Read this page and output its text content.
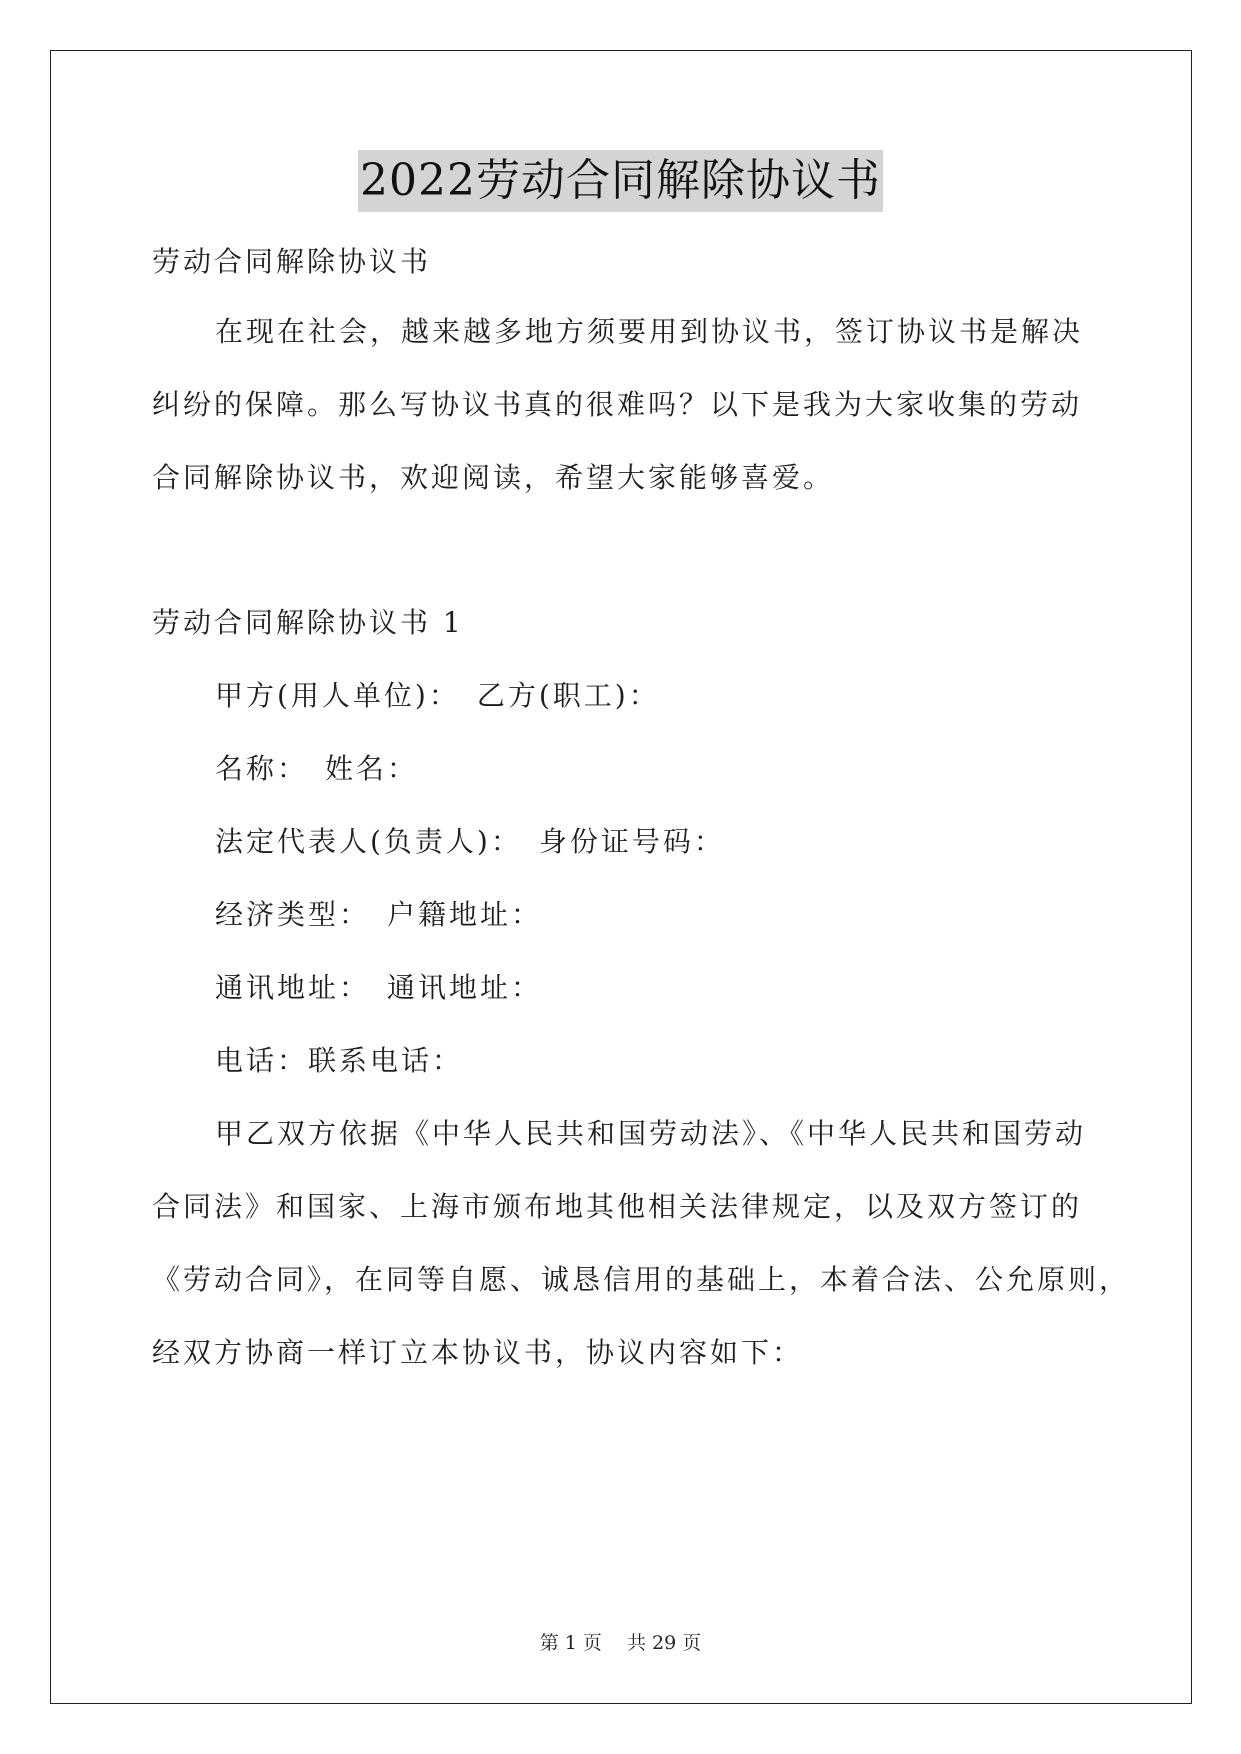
2022劳动合同解除协议书
劳动合同解除协议书
在现在社会，越来越多地方须要用到协议书，签订协议书是解决
纠纷的保障。那么写协议书真的很难吗？以下是我为大家收集的劳动
合同解除协议书，欢迎阅读，希望大家能够喜爱。
劳动合同解除协议书 1
甲方(用人单位)：　乙方(职工)：
名称：　姓名：
法定代表人(负责人)：　身份证号码：
经济类型：　户籍地址：
通讯地址：　通讯地址：
电话：联系电话：
甲乙双方依据《中华人民共和国劳动法》、《中华人民共和国劳动
合同法》和国家、上海市颁布地其他相关法律规定，以及双方签订的
《劳动合同》，在同等自愿、诚恳信用的基础上，本着合法、公允原则，
经双方协商一样订立本协议书，协议内容如下：
第 1 页　 共 29 页
